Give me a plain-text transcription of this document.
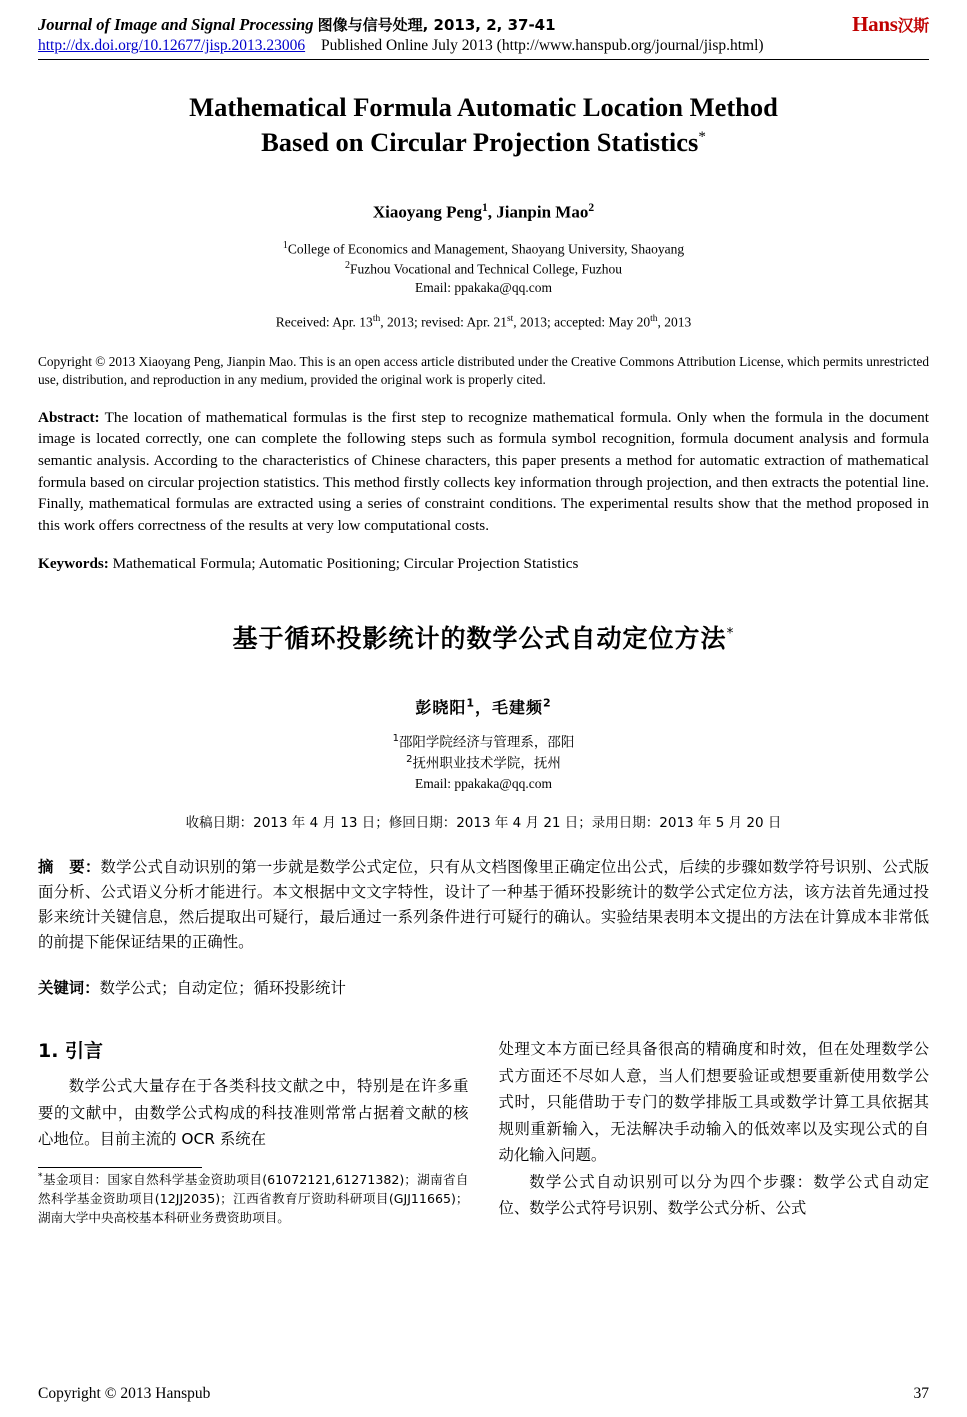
Journal of Image and Signal Processing 图像与信号处理, 2013, 2, 37-41	Hans汉斯
http://dx.doi.org/10.12677/jisp.2013.23006 Published Online July 2013 (http://www.hanspub.org/journal/jisp.html)
Mathematical Formula Automatic Location Method
Based on Circular Projection Statistics*
Xiaoyang Peng$^1$, Jianpin Mao$^2$
$^1$College of Economics and Management, Shaoyang University, Shaoyang
$^2$Fuzhou Vocational and Technical College, Fuzhou
Email: ppakaka@qq.com
Received: Apr. 13th, 2013; revised: Apr. 21st, 2013; accepted: May 20th, 2013
Copyright © 2013 Xiaoyang Peng, Jianpin Mao. This is an open access article distributed under the Creative Commons Attribution License, which permits unrestricted use, distribution, and reproduction in any medium, provided the original work is properly cited.
Abstract: The location of mathematical formulas is the first step to recognize mathematical formula. Only when the formula in the document image is located correctly, one can complete the following steps such as formula symbol recognition, formula document analysis and formula semantic analysis. According to the characteristics of Chinese characters, this paper presents a method for automatic extraction of mathematical formula based on circular projection statistics. This method firstly collects key information through projection, and then extracts the potential line. Finally, mathematical formulas are extracted using a series of constraint conditions. The experimental results show that the method proposed in this work offers correctness of the results at very low computational costs.
Keywords: Mathematical Formula; Automatic Positioning; Circular Projection Statistics
基于循环投影统计的数学公式自动定位方法*
彭晓阳$^1$，毛建频$^2$
$^1$邵阳学院经济与管理系，邵阳
$^2$抚州职业技术学院，抚州
Email: ppakaka@qq.com
收稿日期：2013 年 4 月 13 日；修回日期：2013 年 4 月 21 日；录用日期：2013 年 5 月 20 日
摘　要：数学公式自动识别的第一步就是数学公式定位，只有从文档图像里正确定位出公式，后续的步骤如数学符号识别、公式版面分析、公式语义分析才能进行。本文根据中文文字特性，设计了一种基于循环投影统计的数学公式定位方法，该方法首先通过投影来统计关键信息，然后提取出可疑行，最后通过一系列条件进行可疑行的确认。实验结果表明本文提出的方法在计算成本非常低的前提下能保证结果的正确性。
关键词：数学公式；自动定位；循环投影统计
1. 引言

数学公式大量存在于各类科技文献之中，特别是在许多重要的文献中，由数学公式构成的科技准则常常占据着文献的核心地位。目前主流的 OCR 系统在

*基金项目：国家自然科学基金资助项目(61072121,61271382)；湖南省自然科学基金资助项目(12JJ2035)；江西省教育厅资助科研项目(GJJ11665)；湖南大学中央高校基本科研业务费资助项目。

处理文本方面已经具备很高的精确度和时效，但在处理数学公式方面还不尽如人意，当人们想要验证或想要重新使用数学公式时，只能借助于专门的数学排版工具或数学计算工具依据其规则重新输入，无法解决手动输入的低效率以及实现公式的自动化输入问题。

数学公式自动识别可以分为四个步骤：数学公式自动定位、数学公式符号识别、数学公式分析、公式

Copyright © 2013 Hanspub	37
